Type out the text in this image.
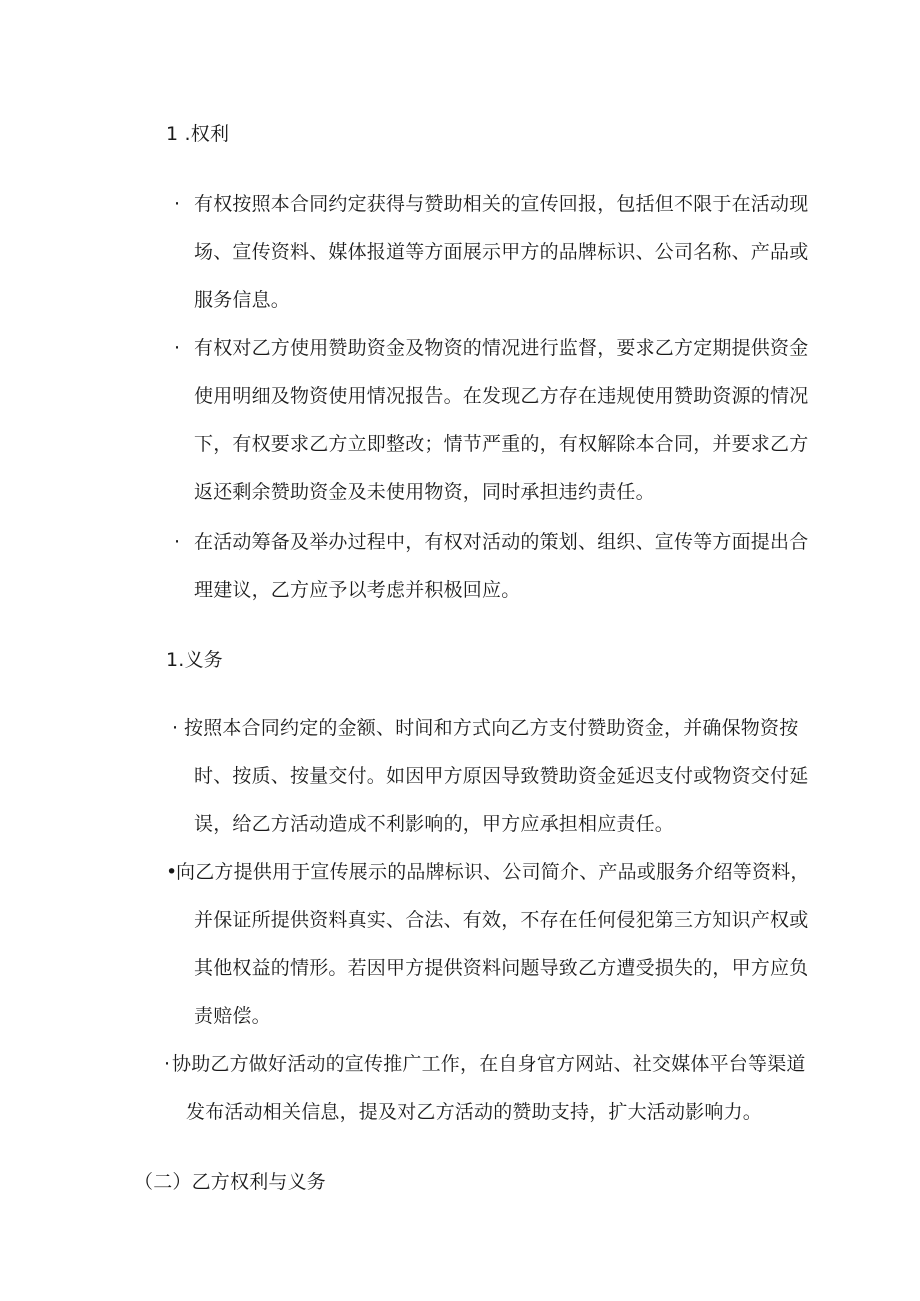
1 .权利
· 有权按照本合同约定获得与赞助相关的宣传回报，包括但不限于在活动现
场、宣传资料、媒体报道等方面展示甲方的品牌标识、公司名称、产品或
服务信息。
· 有权对乙方使用赞助资金及物资的情况进行监督，要求乙方定期提供资金
使用明细及物资使用情况报告。在发现乙方存在违规使用赞助资源的情况
下，有权要求乙方立即整改；情节严重的，有权解除本合同，并要求乙方
返还剩余赞助资金及未使用物资，同时承担违约责任。
· 在活动筹备及举办过程中，有权对活动的策划、组织、宣传等方面提出合
理建议，乙方应予以考虑并积极回应。
1.义务
· 按照本合同约定的金额、时间和方式向乙方支付赞助资金，并确保物资按
时、按质、按量交付。如因甲方原因导致赞助资金延迟支付或物资交付延
误，给乙方活动造成不利影响的，甲方应承担相应责任。
•
向乙方提供用于宣传展示的品牌标识、公司简介、产品或服务介绍等资料，
并保证所提供资料真实、合法、有效，不存在任何侵犯第三方知识产权或
其他权益的情形。若因甲方提供资料问题导致乙方遭受损失的，甲方应负
责赔偿。
· 协助乙方做好活动的宣传推广工作，在自身官方网站、社交媒体平台等渠道
发布活动相关信息，提及对乙方活动的赞助支持，扩大活动影响力。
（二）乙方权利与义务
